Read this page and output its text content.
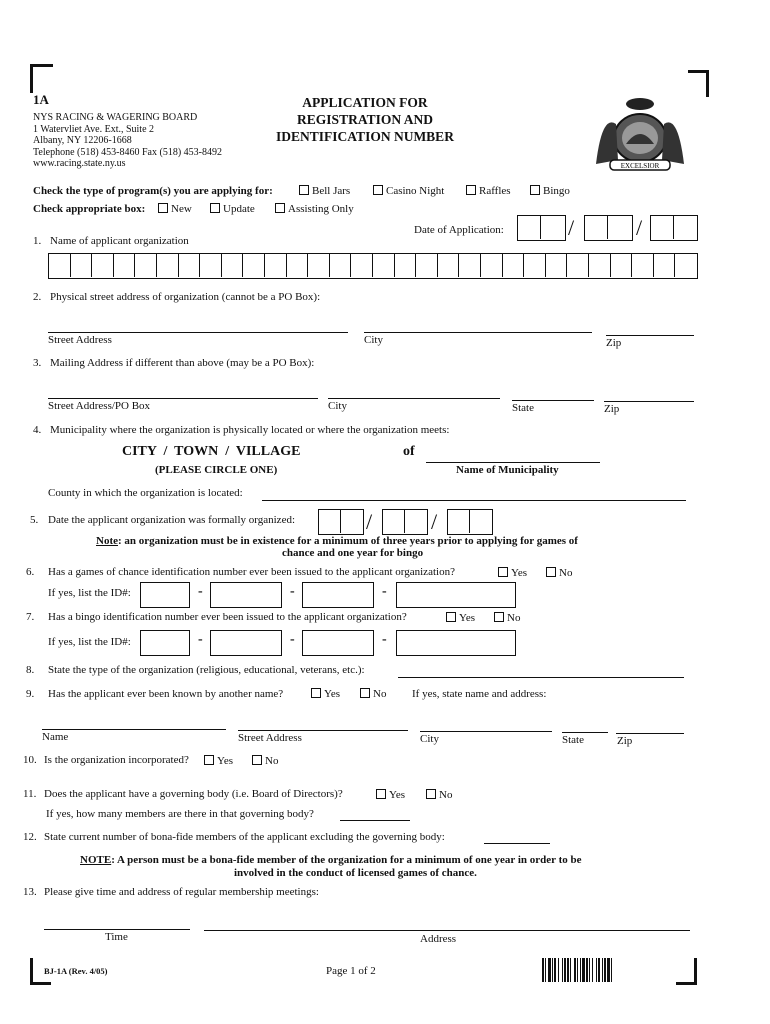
1A
NYS RACING & WAGERING BOARD
1 Watervliet Ave. Ext., Suite 2
Albany, NY 12206-1668
Telephone (518) 453-8460 Fax (518) 453-8492
www.racing.state.ny.us
APPLICATION FOR
REGISTRATION AND
IDENTIFICATION NUMBER
EXCELSIOR
Check the type of program(s) you are applying for:	Bell Jars	Casino Night	Raffles	Bingo
Check appropriate box:	New	Update	Assisting Only
Date of Application:	/	/
1. Name of applicant organization
2. Physical street address of organization (cannot be a PO Box):
Street Address	City	Zip
3. Mailing Address if different than above (may be a PO Box):
Street Address/PO Box	City	State	Zip
4. Municipality where the organization is physically located or where the organization meets:
CITY  /  TOWN  /  VILLAGE	of
(PLEASE CIRCLE ONE)	Name of Municipality
County in which the organization is located:
5. Date the applicant organization was formally organized:	/	/
Note: an organization must be in existence for a minimum of three years prior to applying for games of
chance and one year for bingo
6. Has a games of chance identification number ever been issued to the applicant organization?	Yes	No
If yes, list the ID#:	-	-	-
7. Has a bingo identification number ever been issued to the applicant organization?	Yes	No
If yes, list the ID#:	-	-	-
8. State the type of the organization (religious, educational, veterans, etc.):
9. Has the applicant ever been known by another name?	Yes	No If yes, state name and address:
Name	Street Address	City	State	Zip
10. Is the organization incorporated?	Yes	No
11. Does the applicant have a governing body (i.e. Board of Directors)?	Yes	No
If yes, how many members are there in that governing body?
12. State current number of bona-fide members of the applicant excluding the governing body:
NOTE: A person must be a bona-fide member of the organization for a minimum of one year in order to be
involved in the conduct of licensed games of chance.
13. Please give time and address of regular membership meetings:
Time	Address
BJ-1A (Rev. 4/05)	Page 1 of 2
